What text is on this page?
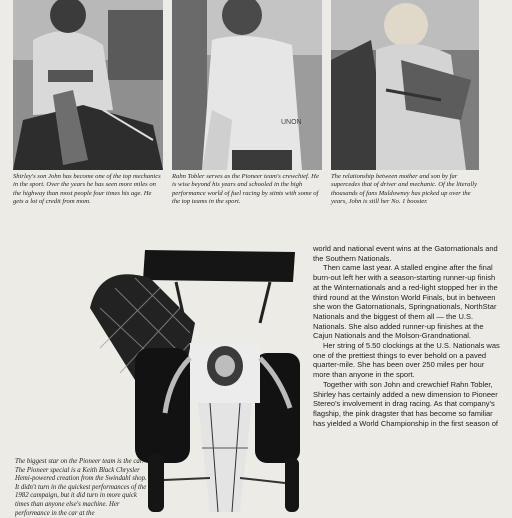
UNON

Shirley's son John has become one of the top mechanics in the sport. Over the years he has seen more miles on the highway than most people four times his age. He gets a lot of credit from mom.

Rahn Tobler serves as the Pioneer team's crewchief. He is wise beyond his years and schooled in the high performance world of fuel racing by stints with some of the top teams in the sport.

The relationship between mother and son by far supercedes that of driver and mechanic. Of the literally thousands of fans Muldowney has picked up over the years, John is still her No. 1 booster.

The biggest star on the Pioneer team is the car. The Pioneer special is a Keith Black Chrysler Hemi-powered creation from the Swindahl shop. It didn't turn in the quickest performances of the 1982 campaign, but it did turn in more quick times than anyone else's machine. Her performance in the car at the

world and national event wins at the Gatornationals and the Southern Nationals.

Then came last year. A stalled engine after the final burn-out left her with a season-starting runner-up finish at the Winternationals and a red-light stopped her in the third round at the Winston World Finals, but in between she won the Gatornationals, Springnationals, NorthStar Nationals and the biggest of them all — the U.S. Nationals. She also added runner-up finishes at the Cajun Nationals and the Molson-Grandnational.

Her string of 5.50 clockings at the U.S. Nationals was one of the prettiest things to ever behold on a paved quarter-mile. She has been over 250 miles per hour more than anyone in the sport.

Together with son John and crewchief Rahn Tobler, Shirley has certainly added a new dimension to Pioneer Stereo's involvement in drag racing. As that company's flagship, the pink dragster that has become so familiar has yielded a World Championship in the first season of
